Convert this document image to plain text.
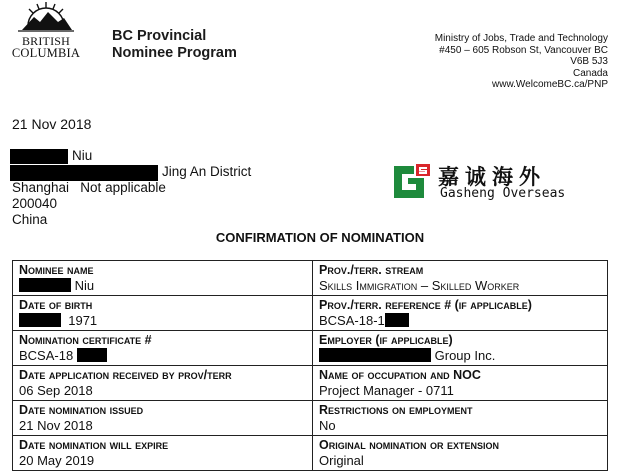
BRITISH
COLUMBIA
BC Provincial
Nominee Program
Ministry of Jobs, Trade and Technology
#450 – 605 Robson St, Vancouver BC
V6B 5J3
Canada
www.WelcomeBC.ca/PNP
21 Nov 2018
Niu
Jing An District
Shanghai   Not applicable
200040
China
嘉诚海外
Gasheng Overseas
CONFIRMATION OF NOMINATION
Nominee name
Niu	Prov./terr. stream
Skills Immigration – Skilled Worker

Date of birth
1971	Prov./terr. reference # (if applicable)
BCSA-18-1

Nomination certificate #
BCSA-18	Employer (if applicable)
Group Inc.

Date application received by prov/terr
06 Sep 2018	Name of occupation and NOC
Project Manager - 0711

Date nomination issued
21 Nov 2018	Restrictions on employment
No

Date nomination will expire
20 May 2019	Original nomination or extension
Original
